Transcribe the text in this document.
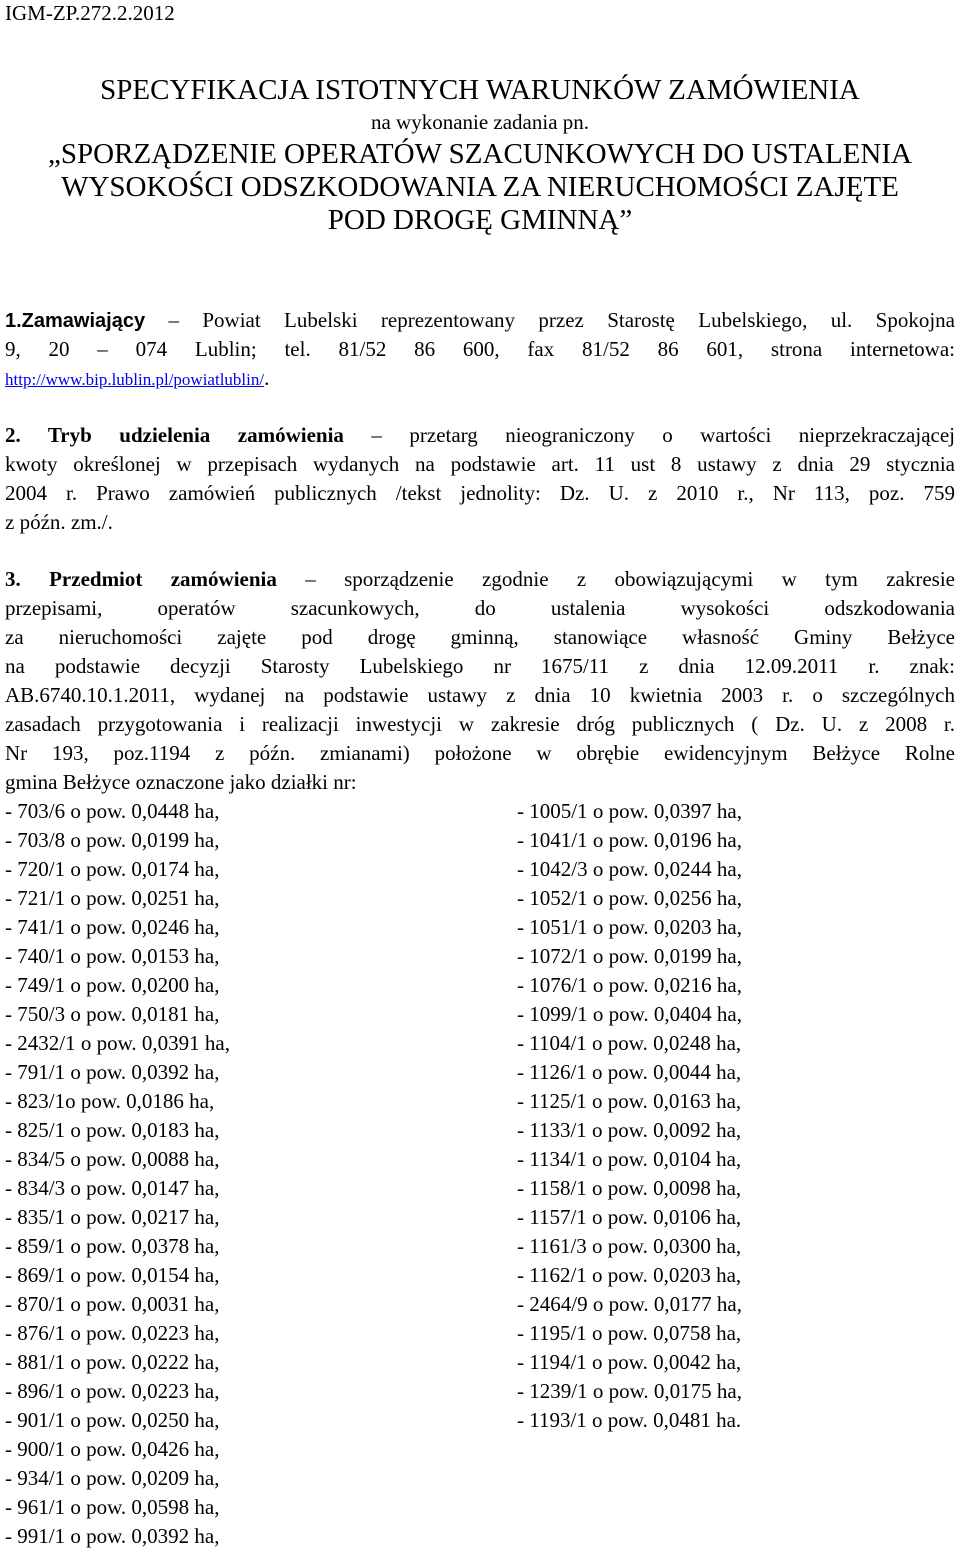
IGM-ZP.272.2.2012
SPECYFIKACJA ISTOTNYCH WARUNKÓW ZAMÓWIENIA
na wykonanie zadania pn.
„SPORZĄDZENIE OPERATÓW SZACUNKOWYCH DO USTALENIA
WYSOKOŚCI ODSZKODOWANIA ZA NIERUCHOMOŚCI ZAJĘTE
POD DROGĘ GMINNĄ”
1.Zamawiający – Powiat Lubelski reprezentowany przez Starostę Lubelskiego, ul. Spokojna
9, 20 – 074 Lublin; tel. 81/52 86 600, fax 81/52 86 601, strona internetowa:
http://www.bip.lublin.pl/powiatlublin/.
2. Tryb udzielenia zamówienia – przetarg nieograniczony o wartości nieprzekraczającej
kwoty określonej w przepisach wydanych na podstawie art. 11 ust 8 ustawy z dnia 29 stycznia
2004 r. Prawo zamówień publicznych /tekst jednolity: Dz. U. z 2010 r., Nr 113, poz. 759
z późn. zm./.
3. Przedmiot zamówienia – sporządzenie zgodnie z obowiązującymi w tym zakresie
przepisami, operatów szacunkowych, do ustalenia wysokości odszkodowania
za nieruchomości zajęte pod drogę gminną, stanowiące własność Gminy Bełżyce
na podstawie decyzji Starosty Lubelskiego nr 1675/11 z dnia 12.09.2011 r. znak:
AB.6740.10.1.2011, wydanej na podstawie ustawy z dnia 10 kwietnia 2003 r. o szczególnych
zasadach przygotowania i realizacji inwestycji w zakresie dróg publicznych ( Dz. U. z 2008 r.
Nr 193, poz.1194 z późn. zmianami) położone w obrębie ewidencyjnym Bełżyce Rolne
gmina Bełżyce oznaczone jako działki nr:
- 703/6 o pow. 0,0448 ha,
- 703/8 o pow. 0,0199 ha,
- 720/1 o pow. 0,0174 ha,
- 721/1 o pow. 0,0251 ha,
- 741/1 o pow. 0,0246 ha,
- 740/1 o pow. 0,0153 ha,
- 749/1 o pow. 0,0200 ha,
- 750/3 o pow. 0,0181 ha,
- 2432/1 o pow. 0,0391 ha,
- 791/1 o pow. 0,0392 ha,
- 823/1o pow. 0,0186 ha,
- 825/1 o pow. 0,0183 ha,
- 834/5 o pow. 0,0088 ha,
- 834/3 o pow. 0,0147 ha,
- 835/1 o pow. 0,0217 ha,
- 859/1 o pow. 0,0378 ha,
- 869/1 o pow. 0,0154 ha,
- 870/1 o pow. 0,0031 ha,
- 876/1 o pow. 0,0223 ha,
- 881/1 o pow. 0,0222 ha,
- 896/1 o pow. 0,0223 ha,
- 901/1 o pow. 0,0250 ha,
- 900/1 o pow. 0,0426 ha,
- 934/1 o pow. 0,0209 ha,
- 961/1 o pow. 0,0598 ha,
- 991/1 o pow. 0,0392 ha,
- 1005/1 o pow. 0,0397 ha,
- 1041/1 o pow. 0,0196 ha,
- 1042/3 o pow. 0,0244 ha,
- 1052/1 o pow. 0,0256 ha,
- 1051/1 o pow. 0,0203 ha,
- 1072/1 o pow. 0,0199 ha,
- 1076/1 o pow. 0,0216 ha,
- 1099/1 o pow. 0,0404 ha,
- 1104/1 o pow. 0,0248 ha,
- 1126/1 o pow. 0,0044 ha,
- 1125/1 o pow. 0,0163 ha,
- 1133/1 o pow. 0,0092 ha,
- 1134/1 o pow. 0,0104 ha,
- 1158/1 o pow. 0,0098 ha,
- 1157/1 o pow. 0,0106 ha,
- 1161/3 o pow. 0,0300 ha,
- 1162/1 o pow. 0,0203 ha,
- 2464/9 o pow. 0,0177 ha,
- 1195/1 o pow. 0,0758 ha,
- 1194/1 o pow. 0,0042 ha,
- 1239/1 o pow. 0,0175 ha,
- 1193/1 o pow. 0,0481 ha.
